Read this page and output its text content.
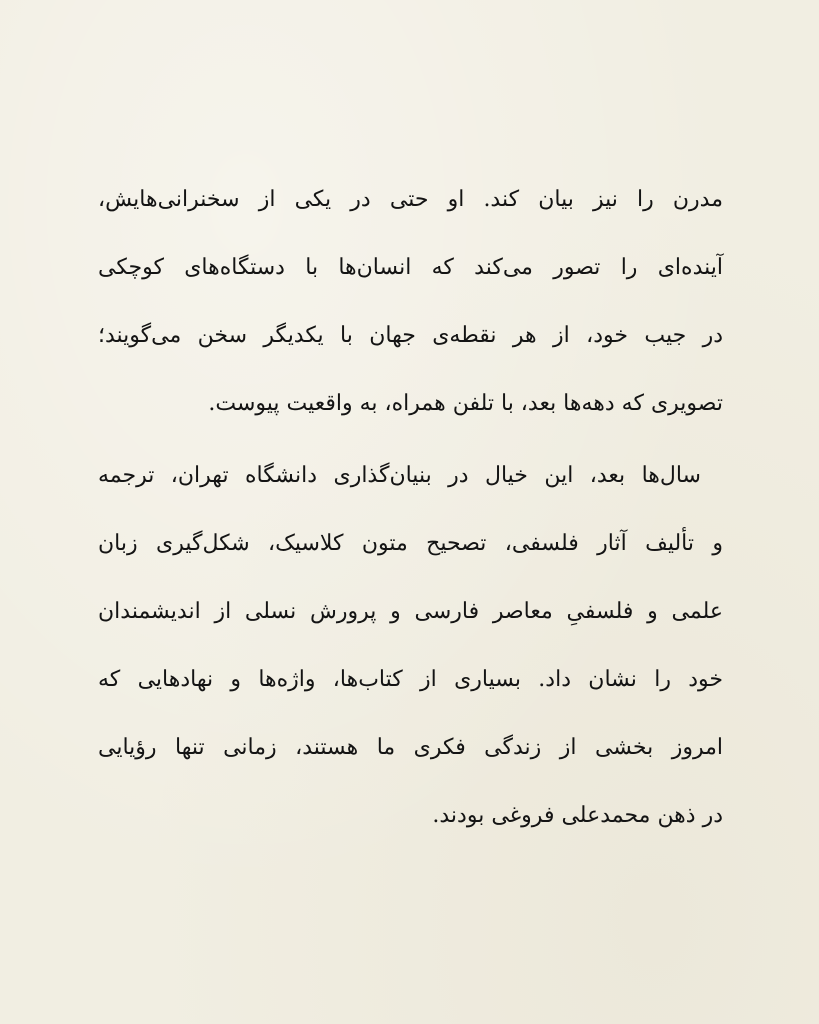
مدرن را نیز بیان کند. او حتی در یکی از سخنرانی‌هایش،
آینده‌ای را تصور می‌کند که انسان‌ها با دستگاه‌های کوچکی
در جیب خود، از هر نقطه‌ی جهان با یکدیگر سخن می‌گویند؛
تصویری که دهه‌ها بعد، با تلفن همراه، به واقعیت پیوست.
سال‌ها بعد، این خیال در بنیان‌گذاری دانشگاه تهران، ترجمه
و تألیف آثار فلسفی، تصحیح متون کلاسیک، شکل‌گیری زبان
علمی و فلسفیِ معاصر فارسی و پرورش نسلی از اندیشمندان
خود را نشان داد. بسیاری از کتاب‌ها، واژه‌ها و نهادهایی که
امروز بخشی از زندگی فکری ما هستند، زمانی تنها رؤیایی
در ذهن محمدعلی فروغی بودند.
